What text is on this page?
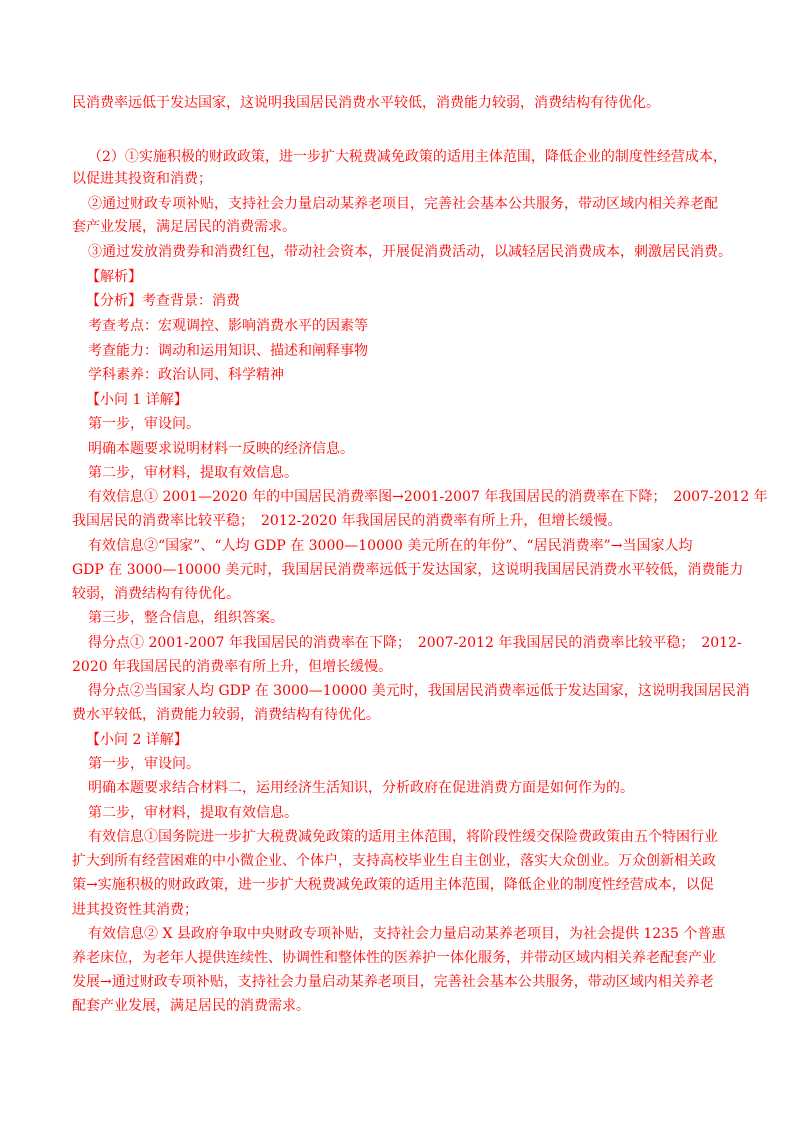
民消费率远低于发达国家，这说明我国居民消费水平较低，消费能力较弱，消费结构有待优化。
（2）①实施积极的财政政策，进一步扩大税费减免政策的适用主体范围，降低企业的制度性经营成本，
以促进其投资和消费；
②通过财政专项补贴，支持社会力量启动某养老项目，完善社会基本公共服务，带动区域内相关养老配
套产业发展，满足居民的消费需求。
③通过发放消费券和消费红包，带动社会资本，开展促消费活动，以减轻居民消费成本，刺激居民消费。
【解析】
【分析】考查背景：消费
考查考点：宏观调控、影响消费水平的因素等
考查能力：调动和运用知识、描述和阐释事物
学科素养：政治认同、科学精神
【小问 1 详解】
第一步，审设问。
明确本题要求说明材料一反映的经济信息。
第二步，审材料，提取有效信息。
有效信息① 2001—2020 年的中国居民消费率图→2001-2007 年我国居民的消费率在下降；　2007-2012 年
我国居民的消费率比较平稳；　2012-2020 年我国居民的消费率有所上升，但增长缓慢。
有效信息②“国家”、“人均 GDP 在 3000—10000 美元所在的年份”、“居民消费率”→当国家人均
GDP 在 3000—10000 美元时，我国居民消费率远低于发达国家，这说明我国居民消费水平较低，消费能力
较弱，消费结构有待优化。
第三步，整合信息，组织答案。
得分点① 2001-2007 年我国居民的消费率在下降；　2007-2012 年我国居民的消费率比较平稳；　2012-
2020 年我国居民的消费率有所上升，但增长缓慢。
得分点②当国家人均 GDP 在 3000—10000 美元时，我国居民消费率远低于发达国家，这说明我国居民消
费水平较低，消费能力较弱，消费结构有待优化。
【小问 2 详解】
第一步，审设问。
明确本题要求结合材料二，运用经济生活知识，分析政府在促进消费方面是如何作为的。
第二步，审材料，提取有效信息。
有效信息①国务院进一步扩大税费减免政策的适用主体范围，将阶段性缓交保险费政策由五个特困行业
扩大到所有经营困难的中小微企业、个体户，支持高校毕业生自主创业，落实大众创业。万众创新相关政
策→实施积极的财政政策，进一步扩大税费减免政策的适用主体范围，降低企业的制度性经营成本，以促
进其投资性其消费；
有效信息② X 县政府争取中央财政专项补贴，支持社会力量启动某养老项目，为社会提供 1235 个普惠
养老床位，为老年人提供连续性、协调性和整体性的医养护一体化服务，并带动区域内相关养老配套产业
发展→通过财政专项补贴，支持社会力量启动某养老项目，完善社会基本公共服务，带动区域内相关养老
配套产业发展，满足居民的消费需求。
